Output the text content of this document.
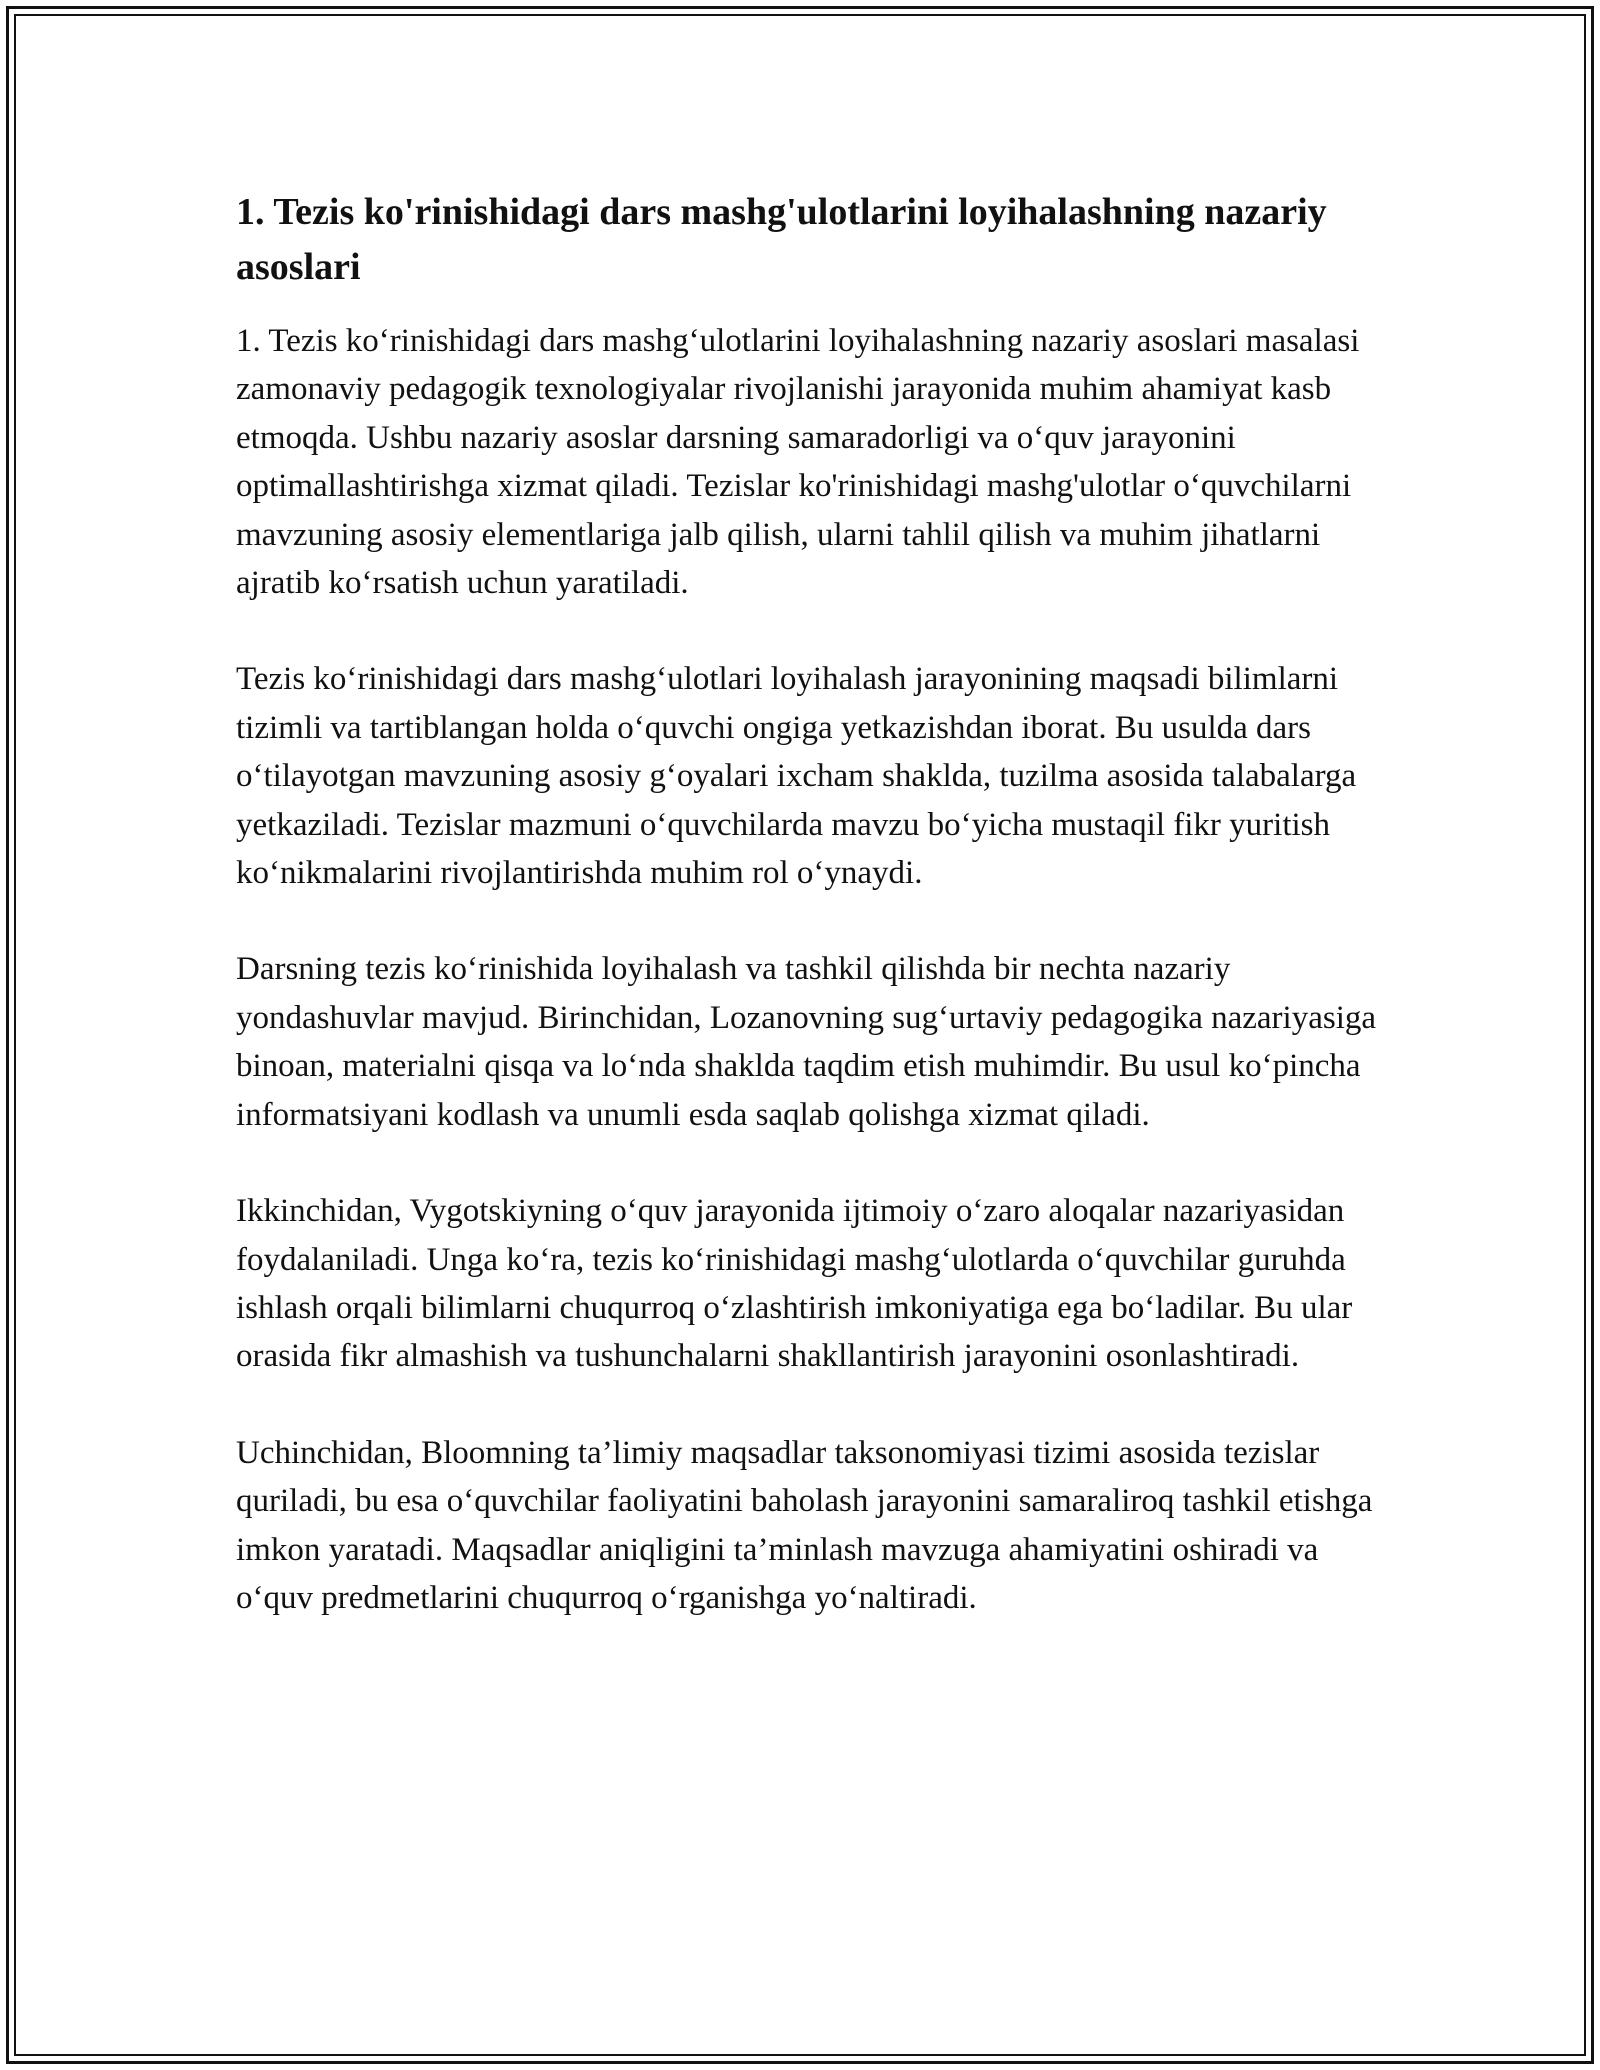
1. Tezis ko'rinishidagi dars mashg'ulotlarini loyihalashning nazariy asoslari

1. Tezis ko‘rinishidagi dars mashg‘ulotlarini loyihalashning nazariy asoslari masalasi zamonaviy pedagogik texnologiyalar rivojlanishi jarayonida muhim ahamiyat kasb etmoqda. Ushbu nazariy asoslar darsning samaradorligi va o‘quv jarayonini optimallashtirishga xizmat qiladi. Tezislar ko'rinishidagi mashg'ulotlar o‘quvchilarni mavzuning asosiy elementlariga jalb qilish, ularni tahlil qilish va muhim jihatlarni ajratib ko‘rsatish uchun yaratiladi.

Tezis ko‘rinishidagi dars mashg‘ulotlari loyihalash jarayonining maqsadi bilimlarni tizimli va tartiblangan holda o‘quvchi ongiga yetkazishdan iborat. Bu usulda dars o‘tilayotgan mavzuning asosiy g‘oyalari ixcham shaklda, tuzilma asosida talabalarga yetkaziladi. Tezislar mazmuni o‘quvchilarda mavzu bo‘yicha mustaqil fikr yuritish ko‘nikmalarini rivojlantirishda muhim rol o‘ynaydi.

Darsning tezis ko‘rinishida loyihalash va tashkil qilishda bir nechta nazariy yondashuvlar mavjud. Birinchidan, Lozanovning sug‘urtaviy pedagogika nazariyasiga binoan, materialni qisqa va lo‘nda shaklda taqdim etish muhimdir. Bu usul ko‘pincha informatsiyani kodlash va unumli esda saqlab qolishga xizmat qiladi.

Ikkinchidan, Vygotskiyning o‘quv jarayonida ijtimoiy o‘zaro aloqalar nazariyasidan foydalaniladi. Unga ko‘ra, tezis ko‘rinishidagi mashg‘ulotlarda o‘quvchilar guruhda ishlash orqali bilimlarni chuqurroq o‘zlashtirish imkoniyatiga ega bo‘ladilar. Bu ular orasida fikr almashish va tushunchalarni shakllantirish jarayonini osonlashtiradi.

Uchinchidan, Bloomning ta’limiy maqsadlar taksonomiyasi tizimi asosida tezislar quriladi, bu esa o‘quvchilar faoliyatini baholash jarayonini samaraliroq tashkil etishga imkon yaratadi. Maqsadlar aniqligini ta’minlash mavzuga ahamiyatini oshiradi va o‘quv predmetlarini chuqurroq o‘rganishga yo‘naltiradi.
